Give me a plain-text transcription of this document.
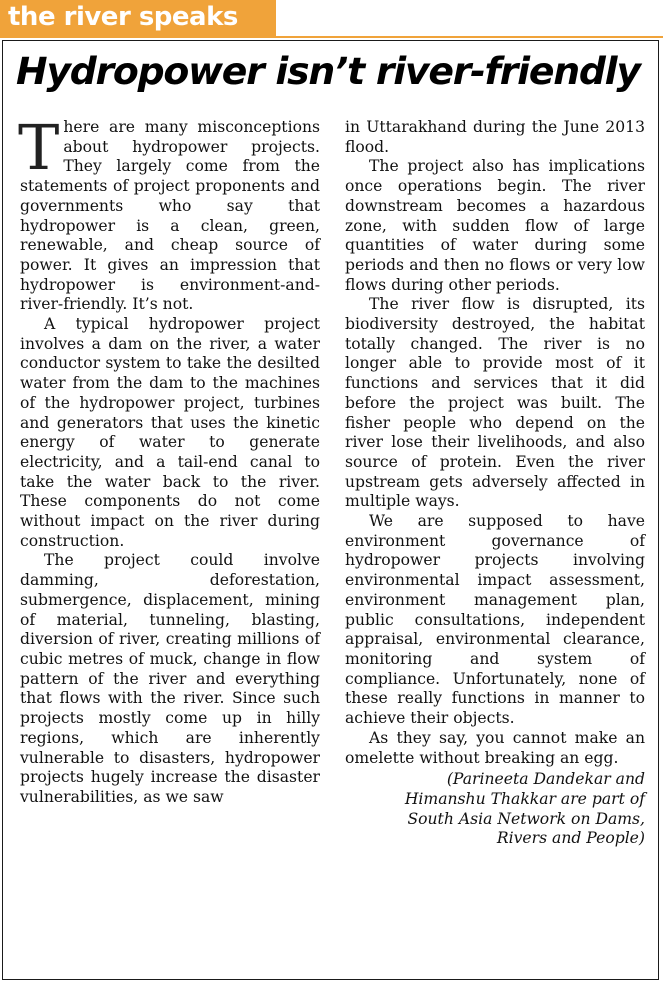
the river speaks
Hydropower isn’t river-friendly

There are many misconceptions about hydropower projects. They largely come from the statements of project proponents and governments who say that hydropower is a clean, green, renewable, and cheap source of power. It gives an impression that hydropower is environment-and-river-friendly. It’s not.

A typical hydropower project involves a dam on the river, a water conductor system to take the desilted water from the dam to the machines of the hydropower project, turbines and generators that uses the kinetic energy of water to generate electricity, and a tail-end canal to take the water back to the river. These components do not come without impact on the river during construction.

The project could involve damming, deforestation, submergence, displacement, mining of material, tunneling, blasting, diversion of river, creating millions of cubic metres of muck, change in flow pattern of the river and everything that flows with the river. Since such projects mostly come up in hilly regions, which are inherently vulnerable to disasters, hydropower projects hugely increase the disaster vulnerabilities, as we saw

in Uttarakhand during the June 2013 flood.

The project also has implications once operations begin. The river downstream becomes a hazardous zone, with sudden flow of large quantities of water during some periods and then no flows or very low flows during other periods.

The river flow is disrupted, its biodiversity destroyed, the habitat totally changed. The river is no longer able to provide most of it functions and services that it did before the project was built. The fisher people who depend on the river lose their livelihoods, and also source of protein. Even the river upstream gets adversely affected in multiple ways.

We are supposed to have environment governance of hydropower projects involving environmental impact assessment, environment management plan, public consultations, independent appraisal, environmental clearance, monitoring and system of compliance. Unfortunately, none of these really functions in manner to achieve their objects.

As they say, you cannot make an omelette without breaking an egg.

(Parineeta Dandekar and
Himanshu Thakkar are part of
South Asia Network on Dams,
Rivers and People)
